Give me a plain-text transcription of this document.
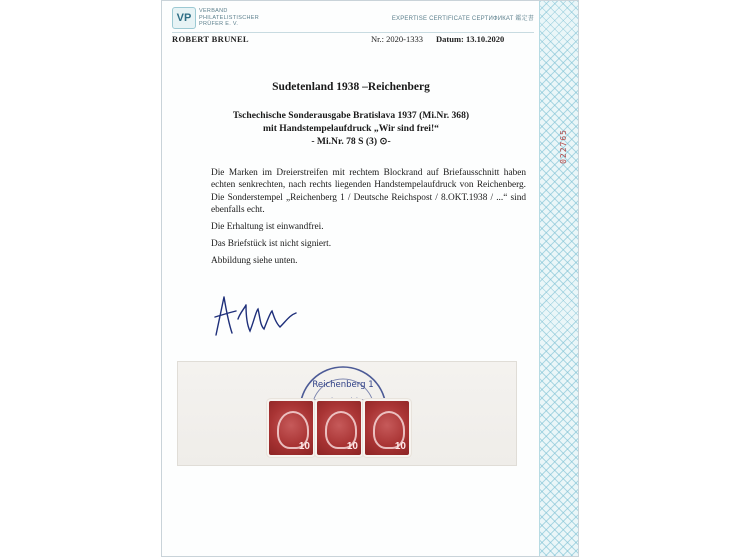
022765
VP
VERBAND
PHILATELISTISCHER
PRÜFER E. V.
EXPERTISE CERTIFICATE СЕРТИФИКАТ 鑑定書
ROBERT BRUNEL	Nr.: 2020-1333 Datum: 13.10.2020
Sudetenland 1938 –Reichenberg
Tschechische Sonderausgabe Bratislava 1937 (Mi.Nr. 368)
mit Handstempelaufdruck „Wir sind frei!“
- Mi.Nr. 78 S (3) ⊙-

Die Marken im Dreierstreifen mit rechtem Blockrand auf Briefausschnitt haben echten senkrechten, nach rechts liegenden Handstempelaufdruck von Reichenberg. Die Sonderstempel „Reichenberg 1 / Deutsche Reichspost / 8.OKT.1938 / ...“ sind ebenfalls echt.

Die Erhaltung ist einwandfrei.

Das Briefstück ist nicht signiert.

Abbildung siehe unten.

Reichenberg 1
10	10	10
